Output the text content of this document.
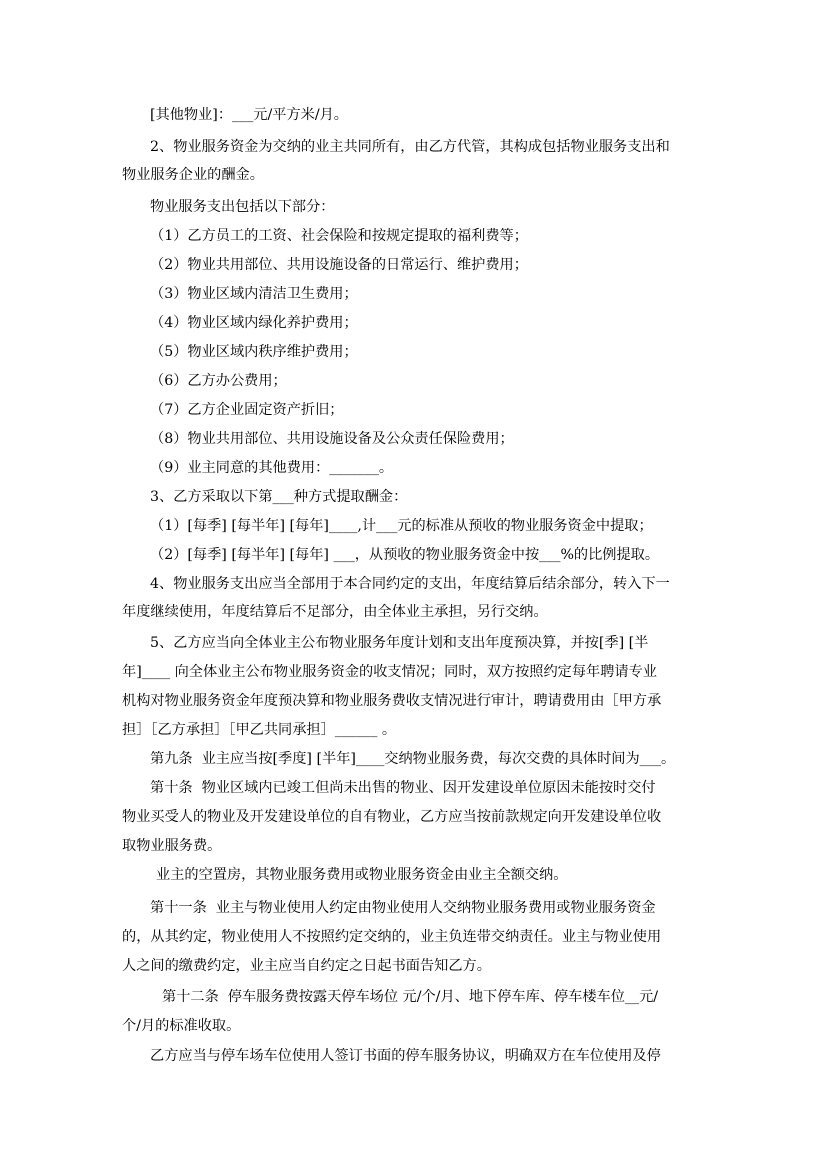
[其他物业]：___元/平方米/月。
2、物业服务资金为交纳的业主共同所有，由乙方代管，其构成包括物业服务支出和
物业服务企业的酬金。
物业服务支出包括以下部分：
（1）乙方员工的工资、社会保险和按规定提取的福利费等；
（2）物业共用部位、共用设施设备的日常运行、维护费用；
（3）物业区域内清洁卫生费用；
（4）物业区域内绿化养护费用；
（5）物业区域内秩序维护费用；
（6）乙方办公费用；
（7）乙方企业固定资产折旧；
（8）物业共用部位、共用设施设备及公众责任保险费用；
（9）业主同意的其他费用：_______。
3、乙方采取以下第___种方式提取酬金：
（1）[每季] [每半年] [每年]____,计___元的标准从预收的物业服务资金中提取；
（2）[每季] [每半年] [每年] ___，从预收的物业服务资金中按___%的比例提取。
4、物业服务支出应当全部用于本合同约定的支出，年度结算后结余部分，转入下一
年度继续使用，年度结算后不足部分，由全体业主承担，另行交纳。
5、乙方应当向全体业主公布物业服务年度计划和支出年度预决算，并按[季] [半
年]____ 向全体业主公布物业服务资金的收支情况；同时，双方按照约定每年聘请专业
机构对物业服务资金年度预决算和物业服务费收支情况进行审计，聘请费用由［甲方承
担］［乙方承担］［甲乙共同承担］______ 。
第九条  业主应当按[季度] [半年]____交纳物业服务费，每次交费的具体时间为___。
第十条  物业区域内已竣工但尚未出售的物业、因开发建设单位原因未能按时交付
物业买受人的物业及开发建设单位的自有物业，乙方应当按前款规定向开发建设单位收
取物业服务费。
业主的空置房，其物业服务费用或物业服务资金由业主全额交纳。
第十一条  业主与物业使用人约定由物业使用人交纳物业服务费用或物业服务资金
的，从其约定，物业使用人不按照约定交纳的，业主负连带交纳责任。业主与物业使用
人之间的缴费约定，业主应当自约定之日起书面告知乙方。
第十二条  停车服务费按露天停车场位 元/个/月、地下停车库、停车楼车位__元/
个/月的标准收取。
乙方应当与停车场车位使用人签订书面的停车服务协议，明确双方在车位使用及停
